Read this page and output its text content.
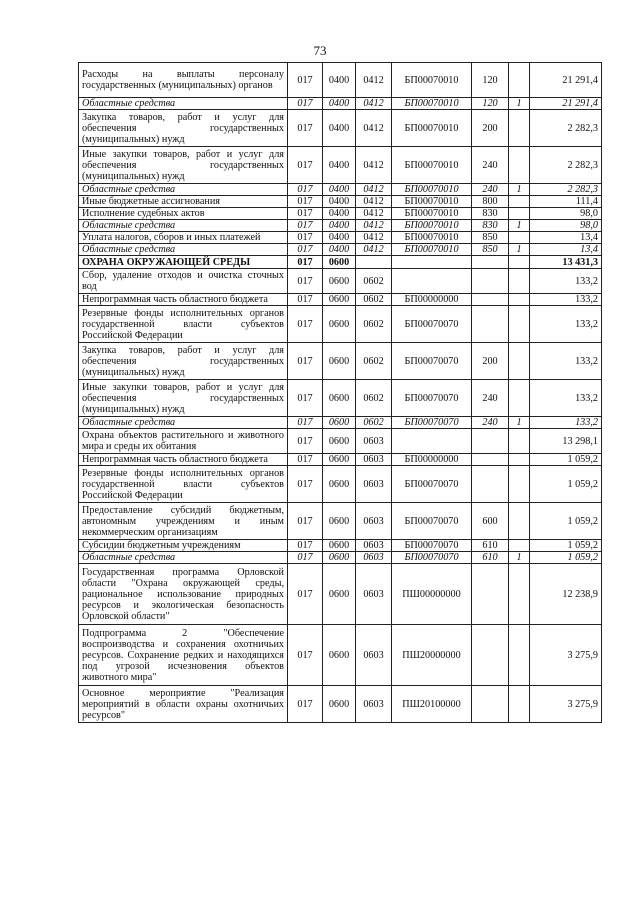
73
Расходы на выплаты персоналу государственных (муниципальных) органов	017	0400	0412	БП00070010	120		21 291,4
Областные средства	017	0400	0412	БП00070010	120	1	21 291,4
Закупка товаров, работ и услуг для обеспечения государственных (муниципальных) нужд	017	0400	0412	БП00070010	200		2 282,3
Иные закупки товаров, работ и услуг для обеспечения государственных (муниципальных) нужд	017	0400	0412	БП00070010	240		2 282,3
Областные средства	017	0400	0412	БП00070010	240	1	2 282,3
Иные бюджетные ассигнования	017	0400	0412	БП00070010	800		111,4
Исполнение судебных актов	017	0400	0412	БП00070010	830		98,0
Областные средства	017	0400	0412	БП00070010	830	1	98,0
Уплата налогов, сборов и иных платежей	017	0400	0412	БП00070010	850		13,4
Областные средства	017	0400	0412	БП00070010	850	1	13,4
ОХРАНА ОКРУЖАЮЩЕЙ СРЕДЫ	017	0600					13 431,3
Сбор, удаление отходов и очистка сточных вод	017	0600	0602				133,2
Непрограммная часть областного бюджета	017	0600	0602	БП00000000			133,2
Резервные фонды исполнительных органов государственной власти субъектов Российской Федерации	017	0600	0602	БП00070070			133,2
Закупка товаров, работ и услуг для обеспечения государственных (муниципальных) нужд	017	0600	0602	БП00070070	200		133,2
Иные закупки товаров, работ и услуг для обеспечения государственных (муниципальных) нужд	017	0600	0602	БП00070070	240		133,2
Областные средства	017	0600	0602	БП00070070	240	1	133,2
Охрана объектов растительного и животного мира и среды их обитания	017	0600	0603				13 298,1
Непрограммная часть областного бюджета	017	0600	0603	БП00000000			1 059,2
Резервные фонды исполнительных органов государственной власти субъектов Российской Федерации	017	0600	0603	БП00070070			1 059,2
Предоставление субсидий бюджетным, автономным учреждениям и иным некоммерческим организациям	017	0600	0603	БП00070070	600		1 059,2
Субсидии бюджетным учреждениям	017	0600	0603	БП00070070	610		1 059,2
Областные средства	017	0600	0603	БП00070070	610	1	1 059,2
Государственная программа Орловской области "Охрана окружающей среды, рациональное использование природных ресурсов и экологическая безопасность Орловской области"	017	0600	0603	ПШ00000000			12 238,9
Подпрограмма 2 "Обеспечение воспроизводства и сохранения охотничьих ресурсов. Сохранение редких и находящихся под угрозой исчезновения объектов животного мира"	017	0600	0603	ПШ20000000			3 275,9
Основное мероприятие "Реализация мероприятий в области охраны охотничьих ресурсов"	017	0600	0603	ПШ20100000			3 275,9
